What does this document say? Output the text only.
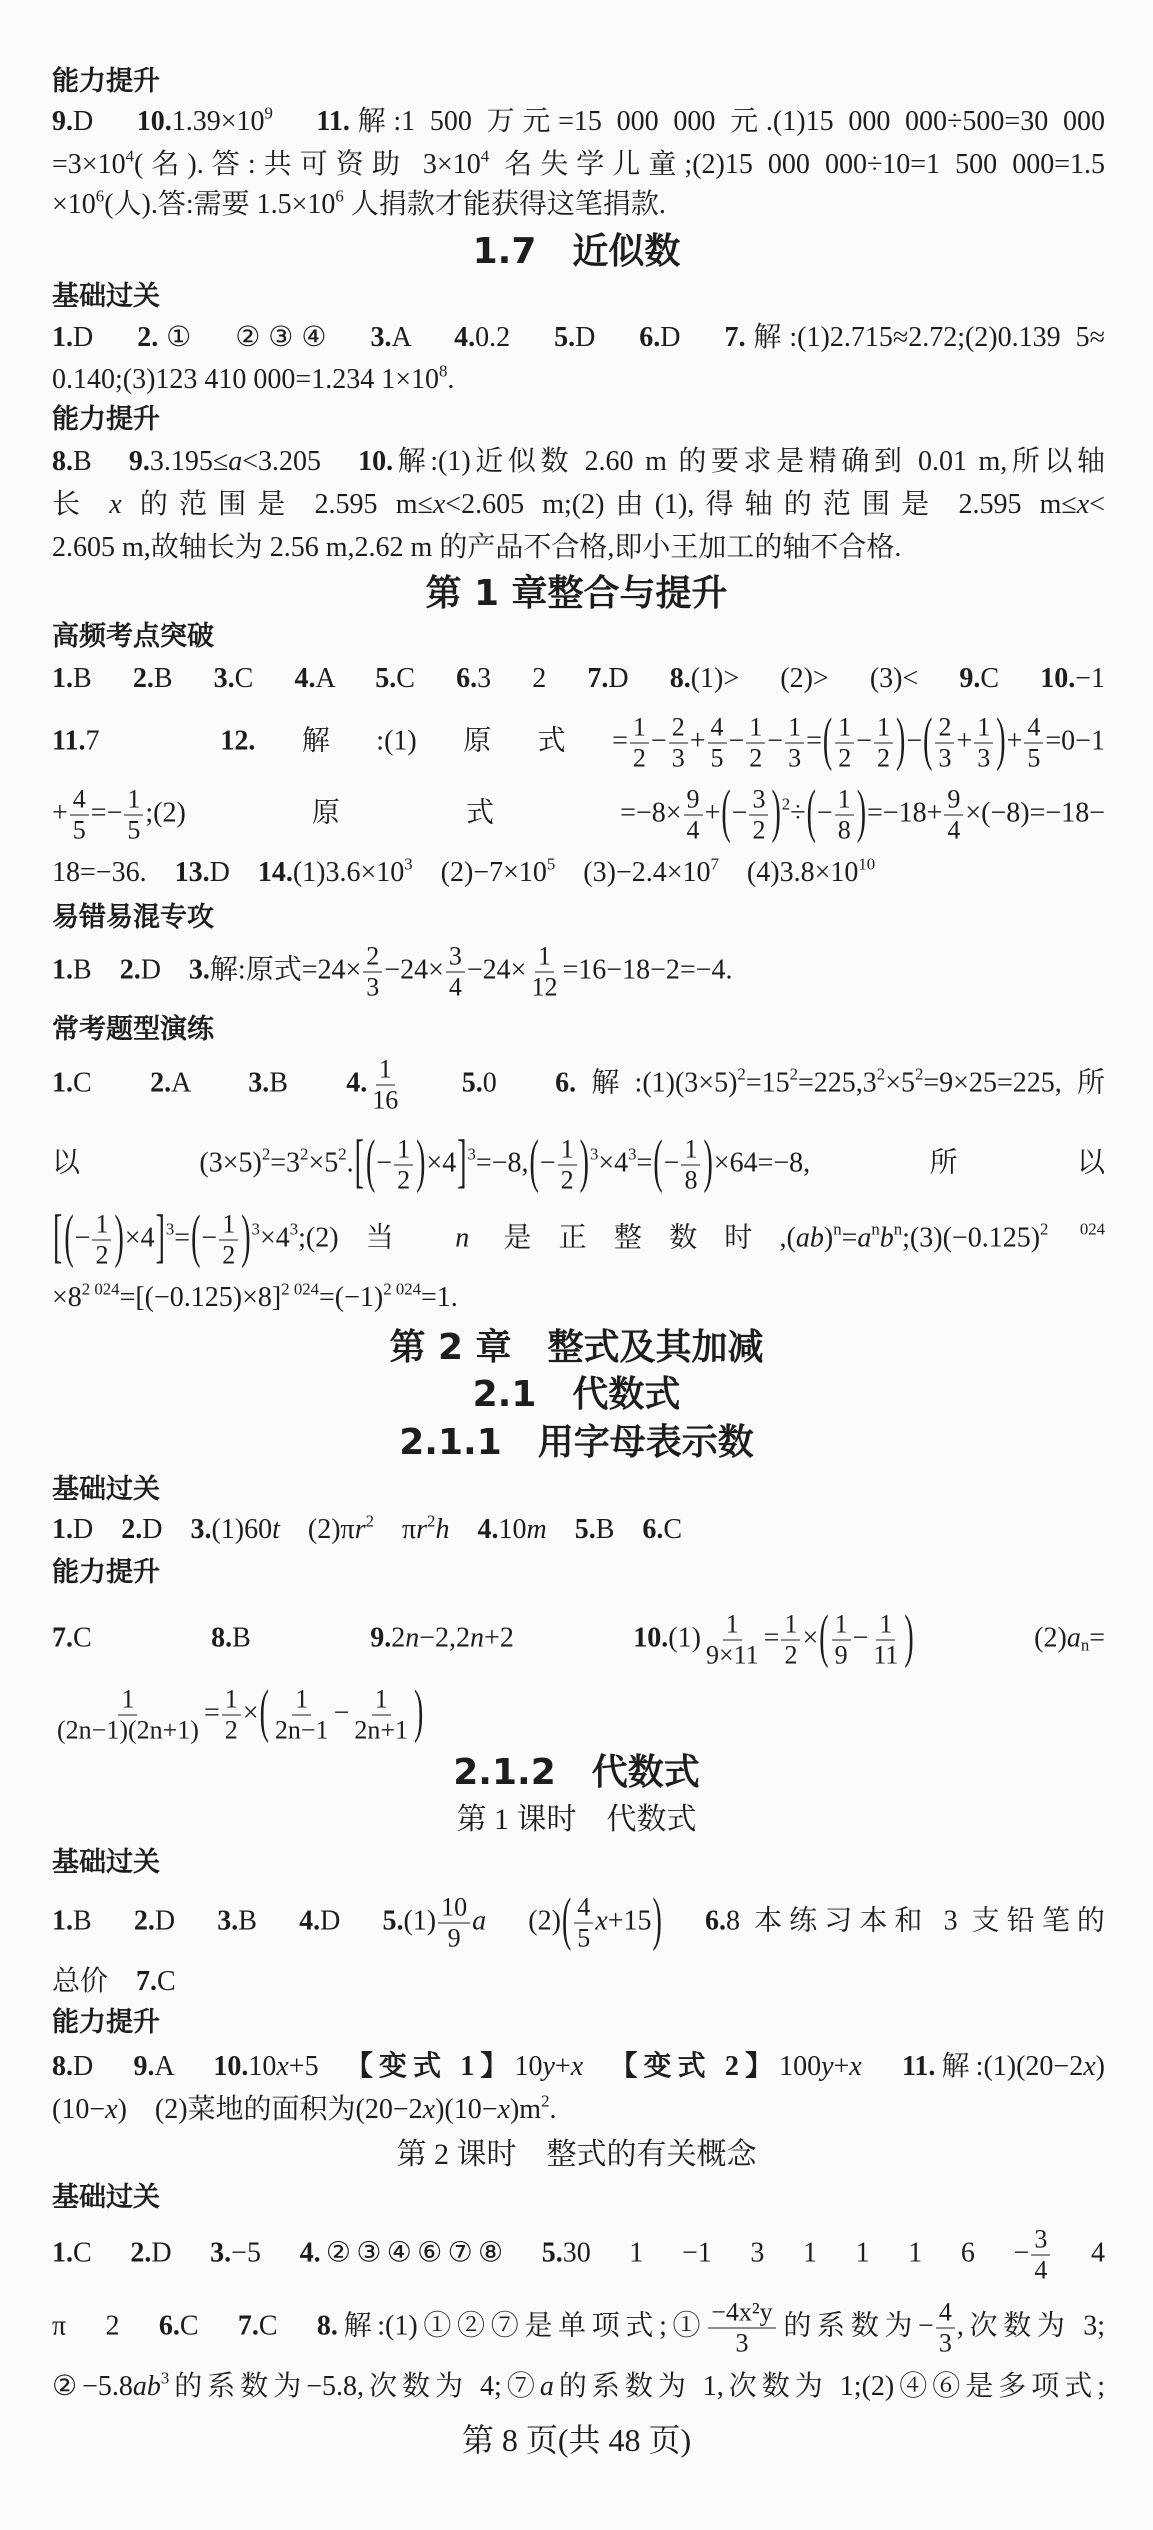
能力提升
9.D　$10.1.39\times 10^9$　 11.解:1 500 万元=15 000 000 元.(1)15 000 000÷500=30 000
$=3\times 10^4$(名).答:共可资助 $3\times 10^4$ 名失学儿童;(2)15 000 000÷10=1 500 000=1.5
$\times 10^6$(人).答:需要 $1.5\times 10^6$ 人捐款才能获得这笔捐款.
1.7　近似数
基础过关
1.D　2.①　②③④　3.A　4.0.2　5.D　6.D　7.解:(1)2.715≈2.72;(2)0.139 5≈
0.140;(3)123 410 000=1.234 $1\times 10^8$.
能力提升
8.B　9.3.195≤a<3.205　10.解:(1)近似数 2.60 m 的要求是精确到 0.01 m,所以轴
长 x 的范围是 2.595 m≤x<2.605 m;(2)由(1),得轴的范围是 2.595 m≤x<
2.605 m,故轴长为 2.56 m,2.62 m 的产品不合格,即小王加工的轴不合格.
第 1 章整合与提升
高频考点突破
1.B　2.B　3.C　4.A　5.C　6.3　2　7.D　8.(1)>　(2)>　(3)<　9.C　10.−1
11.7　12.解:(1)原式= $\frac{1}{2} - \frac{2}{3} + \frac{4}{5} - \frac{1}{2} - \frac{1}{3}$ =( $\frac{1}{2} - \frac{1}{2}$ )−( $\frac{2}{3} + \frac{1}{3}$ )+ $\frac{4}{5} =0-1$
+ $\frac{4}{5} =- \frac{1}{5}$ ;(2)原式$=-8\times \frac{9}{4}$ +(− $\frac{3}{2} )^2\div(- \frac{1}{8} )=-18+ \frac{9}{4} \times(-8)=-18-$
18=−36.　13.D　$14.(1)3.6\times 10^3$　$(2)-7\times 10^5$　$(3)-2.4\times 10^7$　$(4)3.8\times 10^{10}$
易错易混专攻
1.B　2.D　3.解:原式$=24\times \frac{2}{3} -24\times \frac{3}{4} -24\times \frac{1}{12} =16-18-2=-4$.
常考题型演练
1.C　2.A　3.B　4. $\frac{1}{16}$
　 5.0　6.解$:(1)(3\times 5)^2=15^2=225,3^2\times 5^2=9\times 25=225$,所
以$(3\times 5)^2=3^2\times 5^2.[(- \frac{1}{2} )\times 4]^3=-8,(- \frac{1}{2} )^3\times 4^3=(- \frac{1}{8} )\times 64=-8$,所以
[(− $\frac{1}{2} )\times 4]^3=(- \frac{1}{2}$ )$^3\times 4^3;(2)$当 n 是正整数时$,(ab)^n=a^nb^n;(3)(-0.125)^{2 024}$
$\times 8^{2 024}=[(-0.125)\times 8]^{2 024}=(-1)^{2 024}=1$.
第 2 章　整式及其加减
2.1　代数式
2.1.1　用字母表示数
基础过关
1.D　2.D　3.(1)60t　$(2)\pi r^2$　$\pi r^2h$　 4.10m　 5.B　6.C
能力提升
7.C　8.B　9.2n−2,2n+2　$10.(1) \frac{1}{9\times 11} = \frac{1}{2}$ ×( $\frac{1}{9} - \frac{1}{11}$ )　$(2)a_n=$
$\frac{1}{(2n-1)(2n+1)} = \frac{1}{2}$ ×( $\frac{1}{2n-1} - \frac{1}{2n+1}$ )
2.1.2　代数式
第 1 课时　代数式
基础过关
1.B　2.D　3.B　4.D　$5.(1) \frac{10}{9}$ a　$(2)( \frac{4}{5} x+15)$　 6.8 本练习本和 3 支铅笔的
总价　7.C
能力提升
8.D　9.A　10.10x+5　【变式 1】10y+x　 【变式 2】100y+x　 11.解:(1)(20−2x)
(10−x)　(2)菜地的面积为$(20-2x)(10-x)m^2$.
第 2 课时　整式的有关概念
基础过关
1.C　2.D　3.−5　4.②③④⑥⑦⑧　5.30　1　−1　3　1　1　1　6　− $\frac{3}{4}$ 　4
π　2　6.C　7.C　8.解:(1)①②⑦是单项式;① $\frac{\text{−4x²y}}{3}$ 的系数为− $\frac{4}{3}$ ,次数为 3;
$②-5.8ab^3$的系数为−5.8,次数为 4;⑦a的系数为 1,次数为 1;(2)④⑥是多项式;
第 8 页(共 48 页)
